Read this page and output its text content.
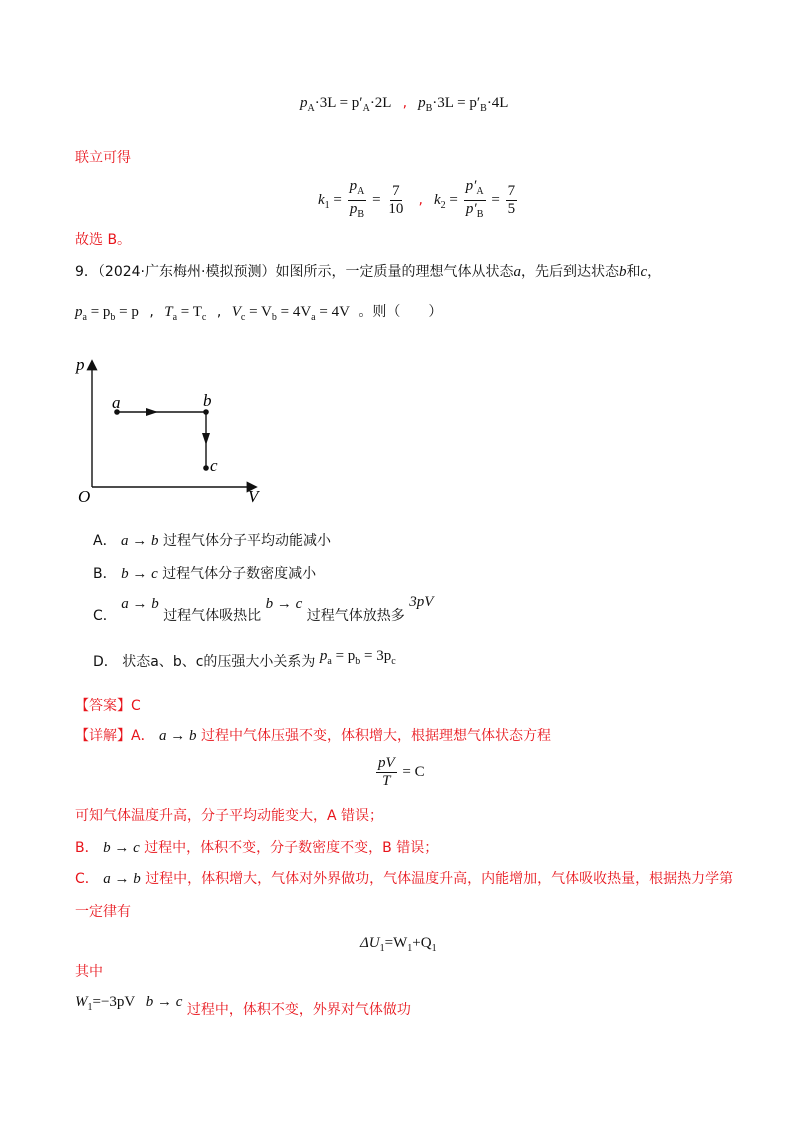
$p_A\cdot 3L = p'_A\cdot 2L$ , $p_B\cdot 3L = p'_B\cdot 4L$
联立可得
$k_1 = \frac{p_A}{p_B} = \frac{7}{10}$ , $k_2 = \frac{p'_A}{p'_B} = \frac{7}{5}$
故选 B。
9．（2024·广东梅州·模拟预测）如图所示，一定质量的理想气体从状态a，先后到达状态b和c，
$p_a = p_b = p$ , $T_a = T_c$ , $V_c = V_b = 4V_a = 4V$ 。则（　　）
p
V
O
a	b
c
A． a → b 过程气体分子平均动能减小
B． b → c 过程气体分子数密度减小
C． a → b 过程气体吸热比 b → c 过程气体放热多 3pV
D． 状态a、b、c的压强大小关系为 $p_a = p_b = 3p_c$
【答案】C
【详解】A． a → b 过程中气体压强不变，体积增大，根据理想气体状态方程
$\frac{pV}{T} = C$
可知气体温度升高，分子平均动能变大，A 错误；
B． b → c 过程中，体积不变，分子数密度不变，B 错误；
C． a → b 过程中，体积增大，气体对外界做功，气体温度升高，内能增加，气体吸收热量，根据热力学第
一定律有
$\Delta U_1=W_1+Q_1$
其中
$W_1=-3pV$ b → c 过程中，体积不变，外界对气体做功
